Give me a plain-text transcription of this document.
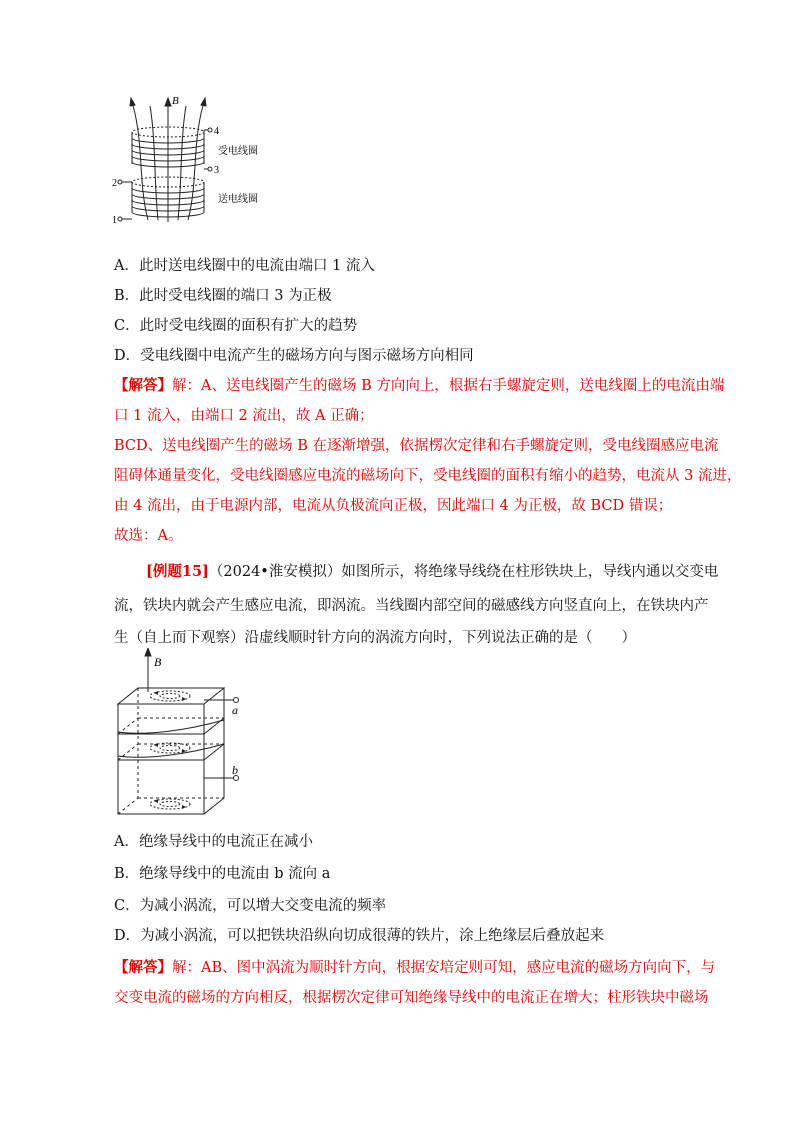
B
4
3
2
1
受电线圈
送电线圈
A．此时送电线圈中的电流由端口 1 流入
B．此时受电线圈的端口 3 为正极
C．此时受电线圈的面积有扩大的趋势
D．受电线圈中电流产生的磁场方向与图示磁场方向相同
【解答】解：A、送电线圈产生的磁场 B 方向向上，根据右手螺旋定则，送电线圈上的电流由端
口 1 流入，由端口 2 流出，故 A 正确；
BCD、送电线圈产生的磁场 B 在逐渐增强，依据楞次定律和右手螺旋定则，受电线圈感应电流
阻碍体通量变化，受电线圈感应电流的磁场向下，受电线圈的面积有缩小的趋势，电流从 3 流进，
由 4 流出，由于电源内部，电流从负极流向正极，因此端口 4 为正极，故 BCD 错误；
故选：A。
[例题15]（2024•淮安模拟）如图所示，将绝缘导线绕在柱形铁块上，导线内通以交变电
流，铁块内就会产生感应电流，即涡流。当线圈内部空间的磁感线方向竖直向上，在铁块内产
生（自上而下观察）沿虚线顺时针方向的涡流方向时，下列说法正确的是（　　）
B
a
b
A．绝缘导线中的电流正在减小
B．绝缘导线中的电流由 b 流向 a
C．为减小涡流，可以增大交变电流的频率
D．为减小涡流，可以把铁块沿纵向切成很薄的铁片，涂上绝缘层后叠放起来
【解答】解：AB、图中涡流为顺时针方向，根据安培定则可知，感应电流的磁场方向向下，与
交变电流的磁场的方向相反，根据楞次定律可知绝缘导线中的电流正在增大；柱形铁块中磁场
